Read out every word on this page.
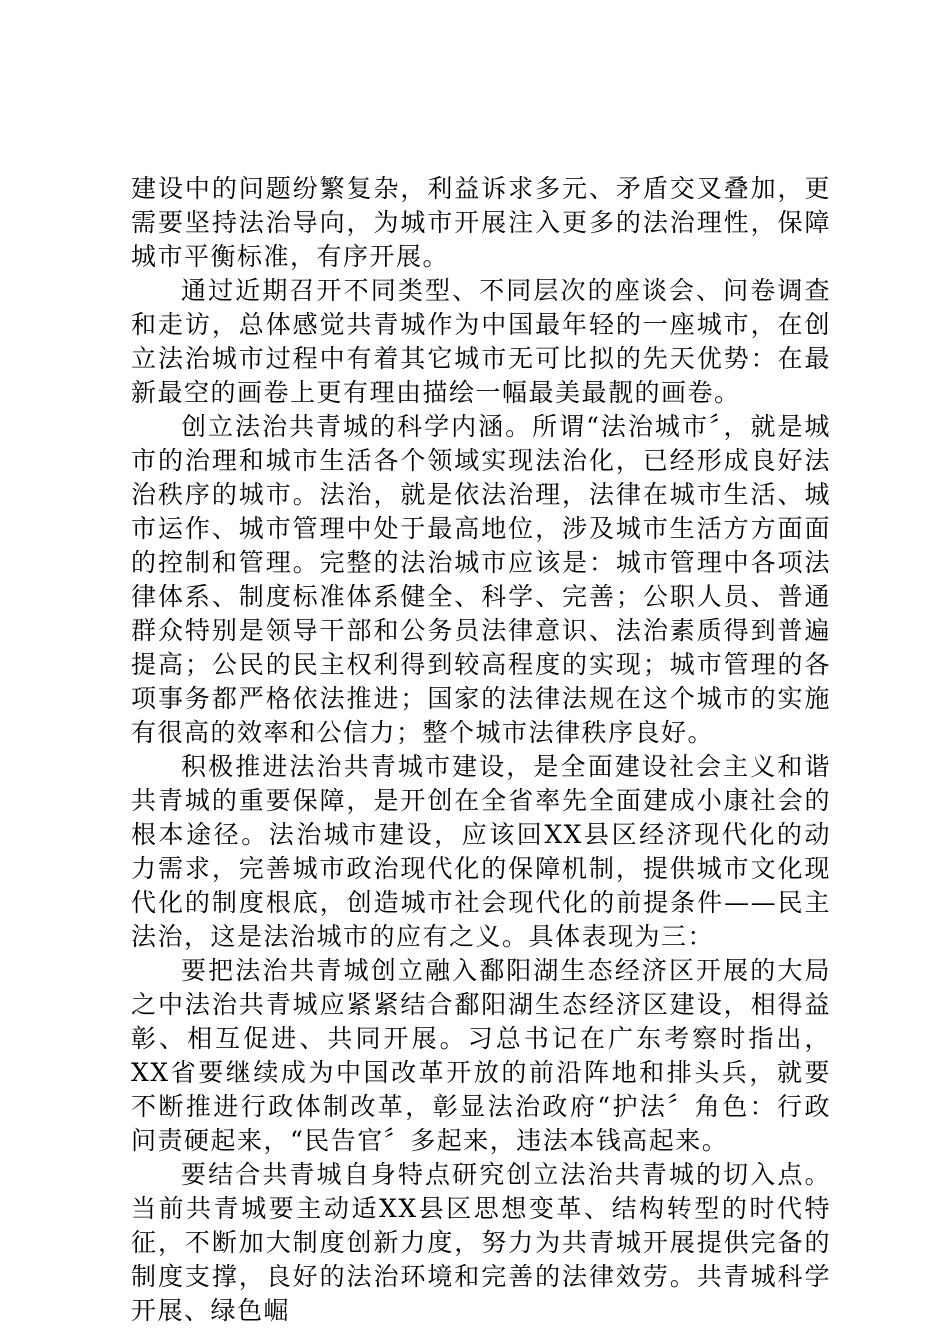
建设中的问题纷繁复杂，利益诉求多元、矛盾交叉叠加，更需要坚持法治导向，为城市开展注入更多的法治理性，保障城市平衡标准，有序开展。

通过近期召开不同类型、不同层次的座谈会、问卷调查和走访，总体感觉共青城作为中国最年轻的一座城市，在创立法治城市过程中有着其它城市无可比拟的先天优势：在最新最空的画卷上更有理由描绘一幅最美最靓的画卷。

创立法治共青城的科学内涵。所谓“法治城市〞，就是城市的治理和城市生活各个领域实现法治化，已经形成良好法治秩序的城市。法治，就是依法治理，法律在城市生活、城市运作、城市管理中处于最高地位，涉及城市生活方方面面的控制和管理。完整的法治城市应该是：城市管理中各项法律体系、制度标准体系健全、科学、完善；公职人员、普通群众特别是领导干部和公务员法律意识、法治素质得到普遍提高；公民的民主权利得到较高程度的实现；城市管理的各项事务都严格依法推进；国家的法律法规在这个城市的实施有很高的效率和公信力；整个城市法律秩序良好。

积极推进法治共青城市建设，是全面建设社会主义和谐共青城的重要保障，是开创在全省率先全面建成小康社会的根本途径。法治城市建设，应该回XX县区经济现代化的动力需求，完善城市政治现代化的保障机制，提供城市文化现代化的制度根底，创造城市社会现代化的前提条件——民主法治，这是法治城市的应有之义。具体表现为三：

要把法治共青城创立融入鄱阳湖生态经济区开展的大局之中法治共青城应紧紧结合鄱阳湖生态经济区建设，相得益彰、相互促进、共同开展。习总书记在广东考察时指出，XX省要继续成为中国改革开放的前沿阵地和排头兵，就要不断推进行政体制改革，彰显法治政府“护法〞角色：行政问责硬起来，“民告官〞多起来，违法本钱高起来。

要结合共青城自身特点研究创立法治共青城的切入点。当前共青城要主动适XX县区思想变革、结构转型的时代特征，不断加大制度创新力度，努力为共青城开展提供完备的制度支撑，良好的法治环境和完善的法律效劳。共青城科学开展、绿色崛
